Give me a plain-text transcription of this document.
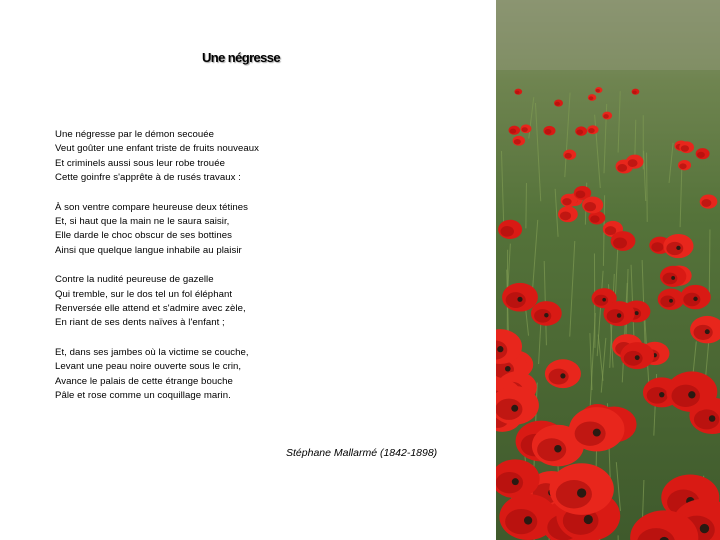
Une négresse
Une négresse par le démon secouée
Veut goûter une enfant triste de fruits nouveaux
Et criminels aussi sous leur robe trouée
Cette goinfre s'apprête à de rusés travaux :
À son ventre compare heureuse deux tétines
Et, si haut que la main ne le saura saisir,
Elle darde le choc obscur de ses bottines
Ainsi que quelque langue inhabile au plaisir
Contre la nudité peureuse de gazelle
Qui tremble, sur le dos tel un fol éléphant
Renversée elle attend et s'admire avec zèle,
En riant de ses dents naïves à l'enfant ;
Et, dans ses jambes où la victime se couche,
Levant une peau noire ouverte sous le crin,
Avance le palais de cette étrange bouche
Pâle et rose comme un coquillage marin.
Stéphane Mallarmé (1842-1898)
